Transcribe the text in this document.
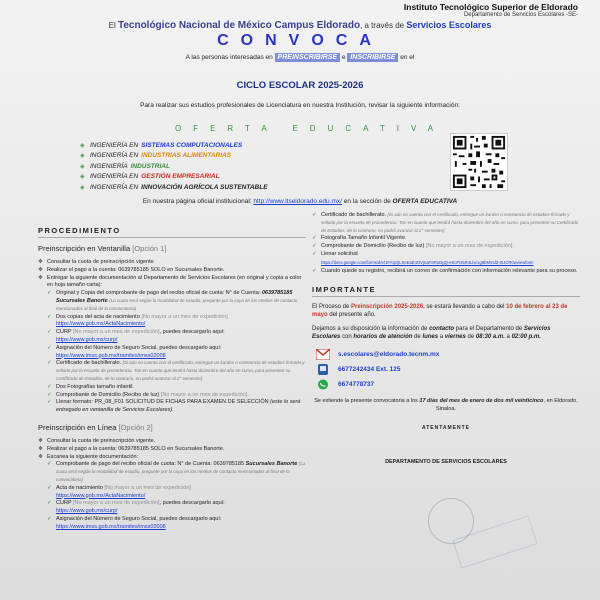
Instituto Tecnológico Superior de Eldorado
Departamento de Servicios Escolares -SE-
El Tecnológico Nacional de México Campus Eldorado, a través de Servicios Escolares
CONVOCA
A las personas interesadas en PREINSCRIBIRSE e INSCRIBIRSE en el
CICLO ESCOLAR 2025-2026
Para realizar sus estudios profesionales de Licenciatura en nuestra Institución, revisar la siguiente información:
OFERTA EDUCATIVA
◈ INGENIERÍA EN SISTEMAS COMPUTACIONALES
◈ INGENIERÍA EN INDUSTRIAS ALIMENTARIAS
◈ INGENIERÍA INDUSTRIAL
◈ INGENIERÍA EN GESTIÓN EMPRESARIAL
◈ INGENIERÍA EN INNOVACIÓN AGRÍCOLA SUSTENTABLE
En nuestra página oficial institucional: http://www.itseldorado.edu.mx/ en la sección de OFERTA EDUCATIVA
PROCEDIMIENTO
Preinscripción en Ventanilla [Opción 1]
❖ Consultar la cuota de preinscripción vigente
❖ Realizar el pago a la cuenta: 0639785185 SOLO en Sucursales Banorte.
❖ Entregar la siguiente documentación al Departamento de Servicios Escolares (en original y copia a color en hoja tamaño carta):
✓ Original y Copia del comprobante de pago del recibo oficial de cuota: N° de Cuenta: 0639785185 Sucursales Banorte (La cuota será según la modalidad de estudio, pregunte por la cuya en los medios de contacto mencionados al final de la convocatoria)
✓ Dos copias del acta de nacimiento [No mayor a un mes de expedición]
https://www.gob.mx/ActaNacimiento/
✓ CURP [No mayor a un mes de expedición], puedes descargarlo aquí:
https://www.gob.mx/curp/
✓ Asignación del Número de Seguro Social, puedes descargarlo aquí: https://www.imss.gob.mx/tramites/imss02008
✓ Certificado de bachillerato. [Si aún no cuenta con el certificado, entregue un kardex o constancia de estudios firmado y sellado por la escuela de procedencia. Tan en cuanto que tendrá hasta diciembre del año en curso, para presentar su Certificado de Estudios, de lo contrario, no podrá avanzar al 2° semestre].
✓ Dos Fotografías tamaño infantil.
✓ Comprobante de Domicilio (Recibo de luz) [No mayor a un mes de expedición].
✓ Llenar formato: PR_08_F01 SOLICITUD DE FICHAS PARA EXAMEN DE SELECCIÓN (este lo será entregado en ventanilla de Servicios Escolares).
Preinscripción en Línea [Opción 2]
❖ Consultar la cuota de preinscripción vigente.
❖ Realizar el pago a la cuenta: 0639785185 SOLO en Sucursales Banorte.
❖ Escanea la siguiente documentación:
✓ Comprobante de pago del recibo oficial de cuota: N° de Cuenta: 0639785185 Sucursales Banorte (La cuota será según la modalidad de estudio, pregunte por la cuya en los medios de contacto mencionados al final de la convocatoria)
✓ Acta de nacimiento [No mayor a un mes de expedición]
https://www.gob.mx/ActaNacimiento/
✓ CURP [No mayor a un mes de expedición], puedes descargarlo aquí:
https://www.gob.mx/curp/
✓ Asignación del Número de Seguro Social, puedes descargarlo aquí: https://www.imss.gob.mx/tramites/imss02008
✓ Certificado de bachillerato. [Si aún no cuenta con el certificado, entregue un kardex o constancia de estudios firmado y sellado por la escuela de procedencia. Tan en cuanto que tendrá hasta diciembre del año en curso, para presentar su Certificado de Estudios, de lo contrario, no podrá avanzar al 2° semestre].
✓ Fotografía Tamaño Infantil Vigente.
✓ Comprobante de Domicilio (Recibo de luz) [No mayor a un mes de expedición].
✓ Llenar solicitud
https://docs.google.com/forms/d/e/1FAIpQLSeEaE4OVjnaFSRoDgQ-eKcFO5R4Llvcxg8bMmdZ-0IJCR0wviewform
✓ Cuando quede su registro, recibirá un correo de confirmación con información relevante para su proceso.
IMPORTANTE
El Proceso de Preinscripción 2025-2026, se estará llevando a cabo del 10 de febrero al 23 de mayo del presente año.
Dejamos a su disposición la información de contacto para el Departamento de Servicios Escolares con horarios de atención de lunes a viernes de 08:30 a.m. a 02:00 p.m.
s.escolares@eldorado.tecnm.mx
6677242434 Ext. 125
6674778737
Se extiende la presente convocatoria a los 17 días del mes de enero de dos mil veinticinco, en Eldorado, Sinaloa.
ATENTAMENTE
DEPARTAMENTO DE SERVICIOS ESCOLARES
